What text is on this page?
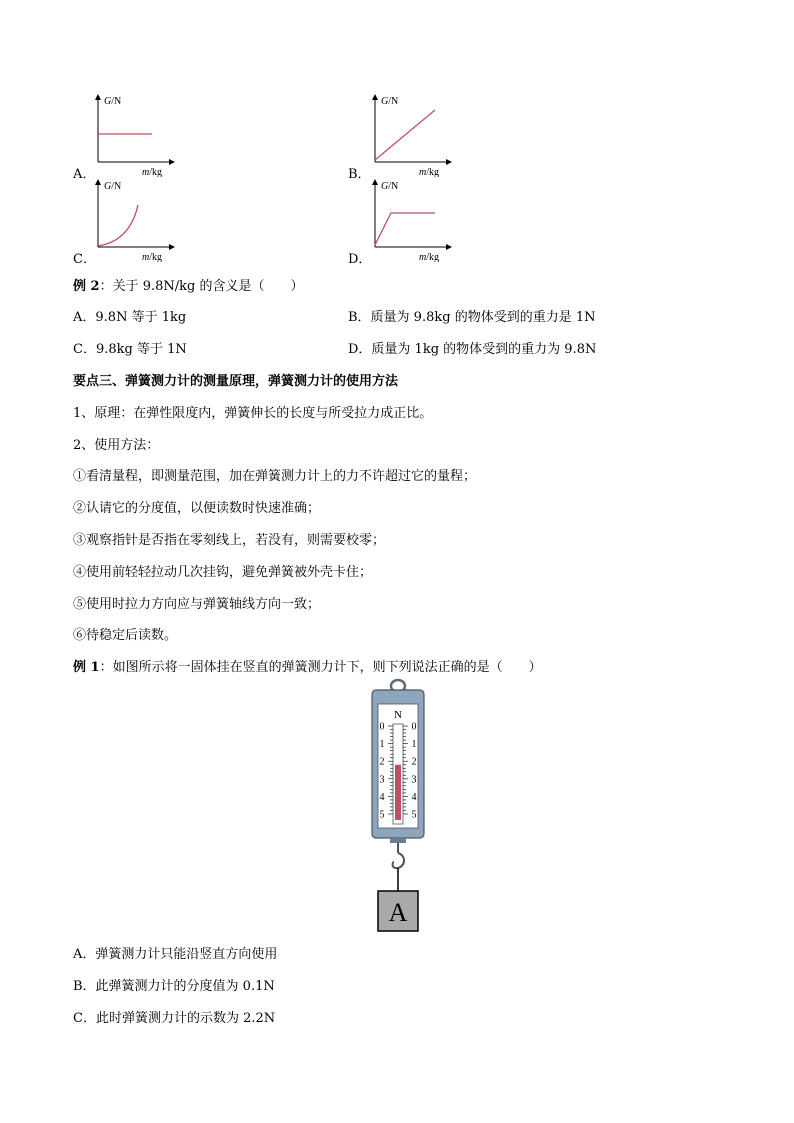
A．	B．
C．	D．
G/N
m/kg
G/N
m/kg
G/N
m/kg
G/N
m/kg
例 2：关于 9.8N/kg 的含义是（　　）
A．9.8N 等于 1kg	B．质量为 9.8kg 的物体受到的重力是 1N
C．9.8kg 等于 1N	D．质量为 1kg 的物体受到的重力为 9.8N
要点三、弹簧测力计的测量原理，弹簧测力计的使用方法
1、原理：在弹性限度内，弹簧伸长的长度与所受拉力成正比。
2、使用方法：
①看清量程，即测量范围，加在弹簧测力计上的力不许超过它的量程；
②认请它的分度值，以便读数时快速准确；
③观察指针是否指在零刻线上，若没有，则需要校零；
④使用前轻轻拉动几次挂钩，避免弹簧被外壳卡住；
⑤使用时拉力方向应与弹簧轴线方向一致；
⑥待稳定后读数。
例 1：如图所示将一固体挂在竖直的弹簧测力计下，则下列说法正确的是（　　）
N
0	0
1	1
2	2
3	3
4	4
5	5
A
A．弹簧测力计只能沿竖直方向使用
B．此弹簧测力计的分度值为 0.1N
C．此时弹簧测力计的示数为 2.2N
